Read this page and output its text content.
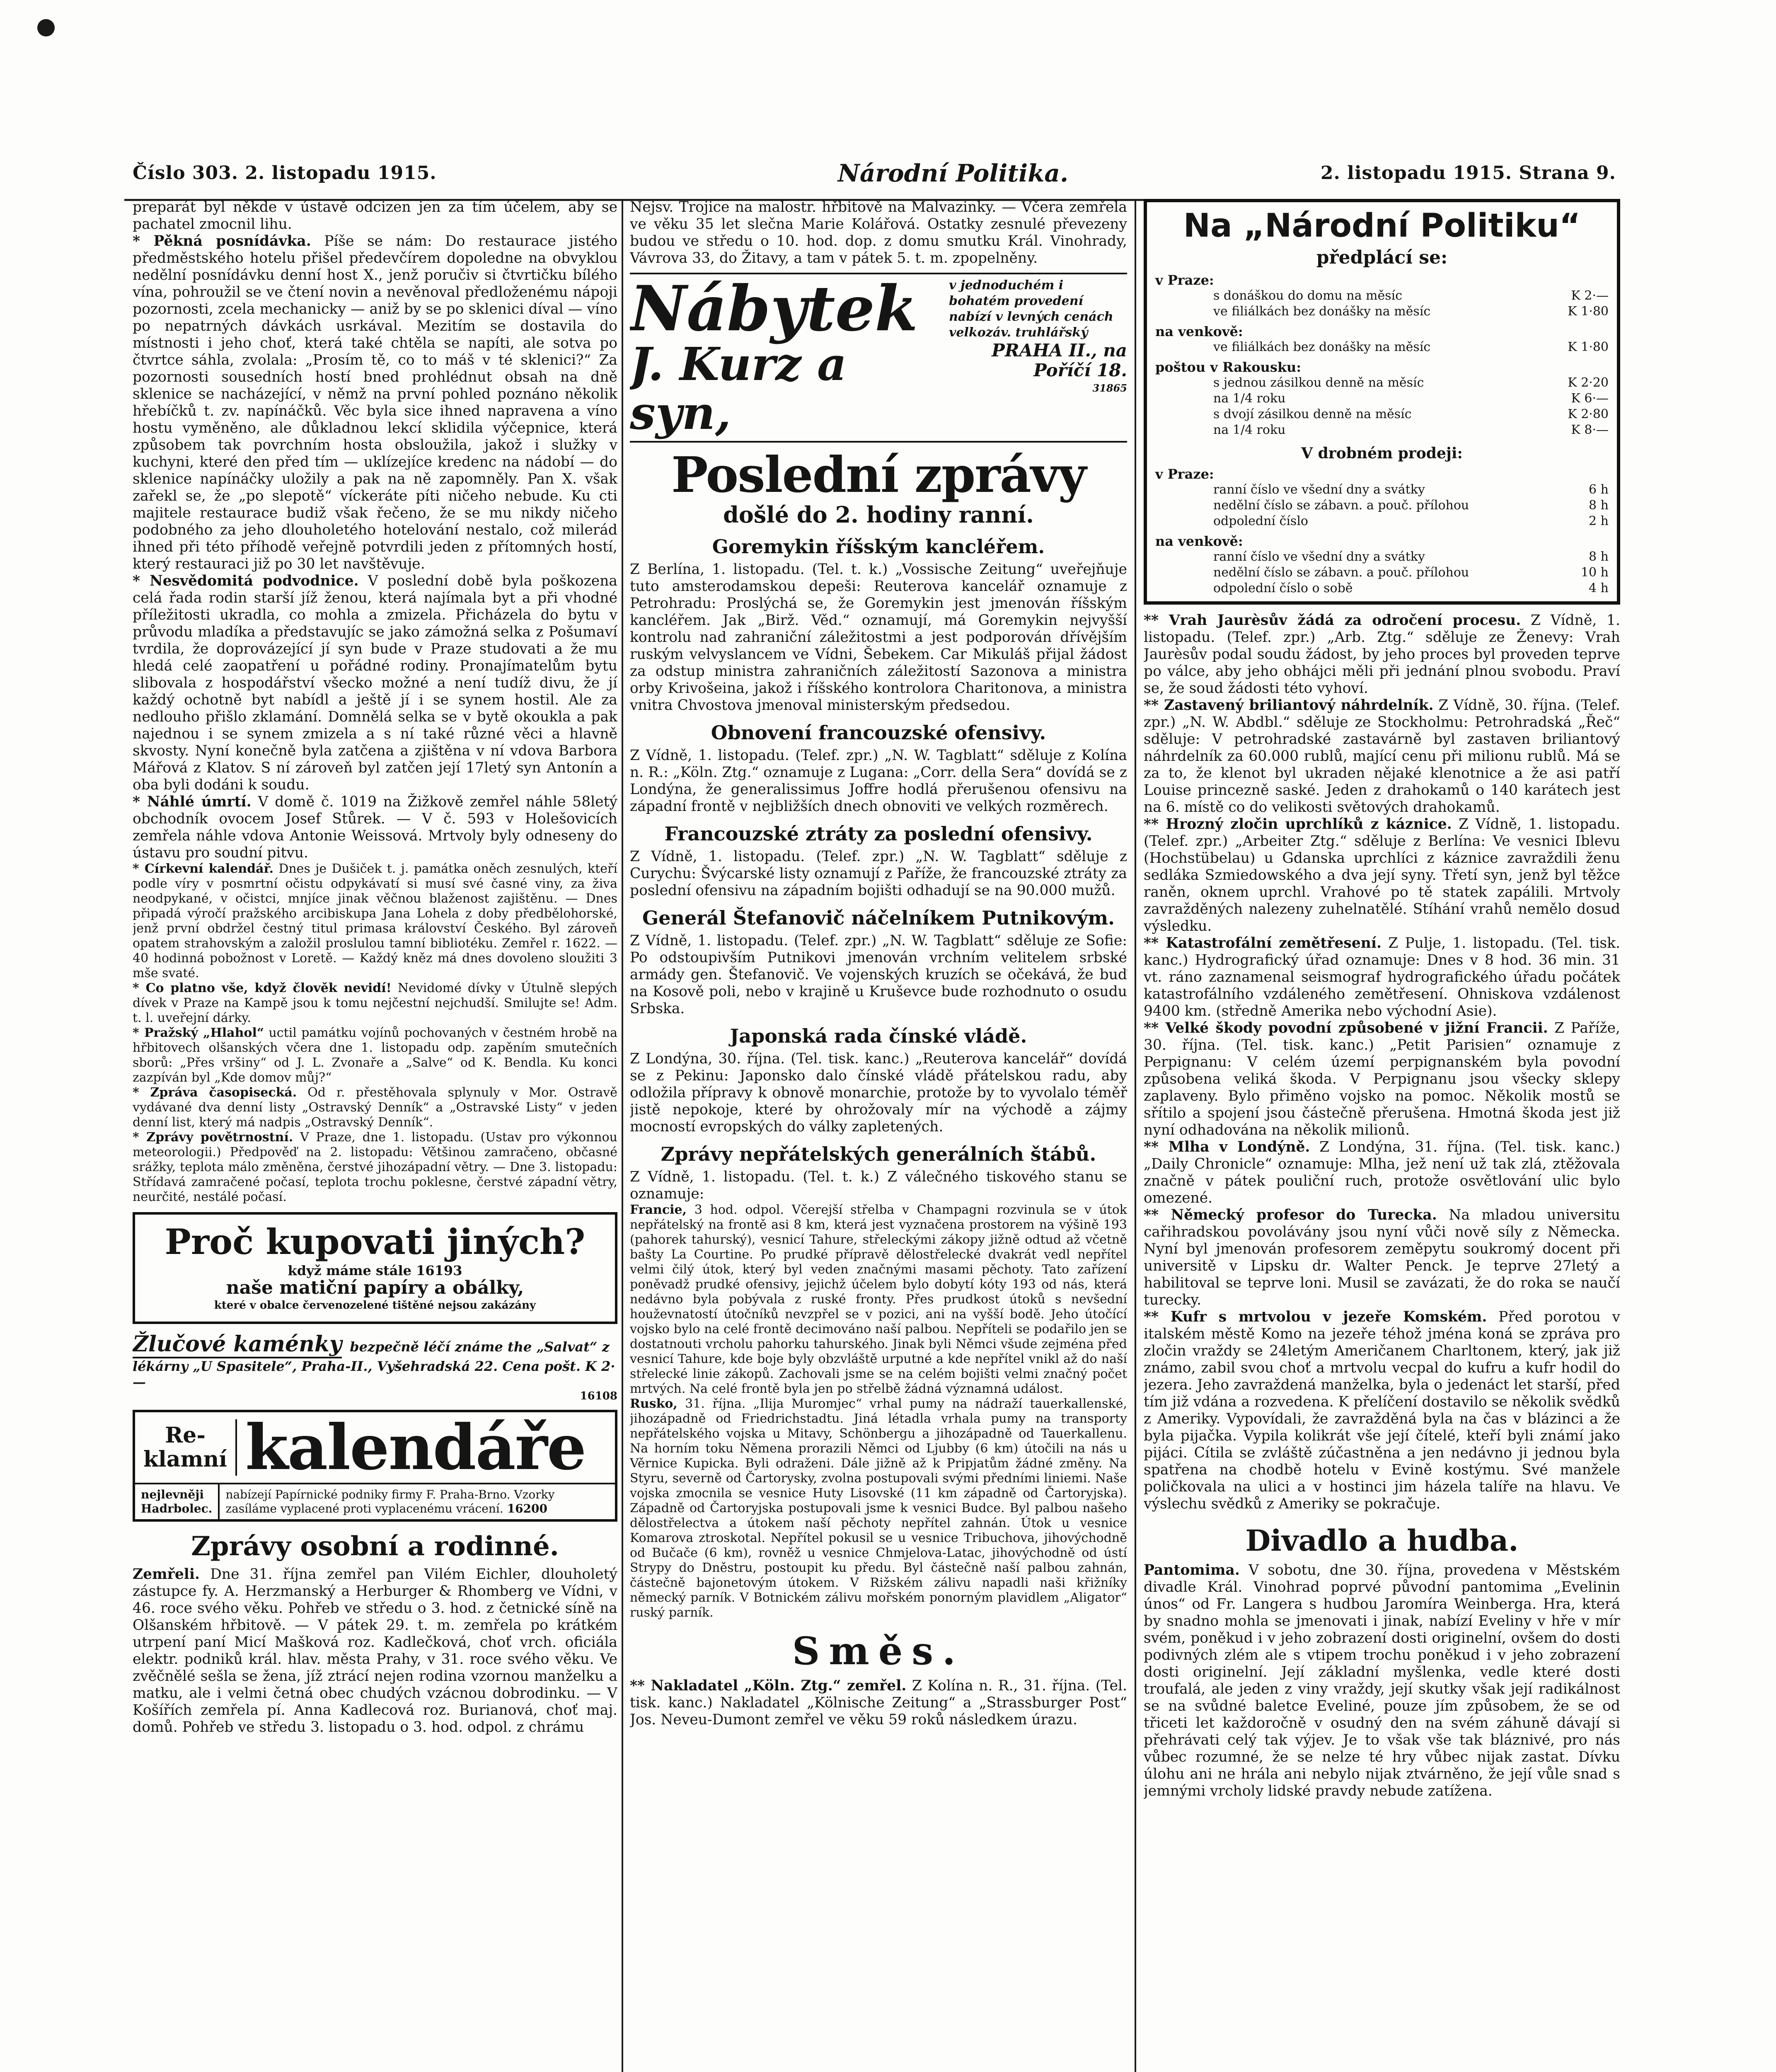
Číslo 303. 2. listopadu 1915.	Národní Politika.	2. listopadu 1915. Strana 9.

preparát byl někde v ústavě odcizen jen za tím účelem, aby se pachatel zmocnil lihu.

* Pěkná posnídávka. Píše se nám: Do restaurace jistého předměstského hotelu přišel předevčírem dopoledne na obvyklou nedělní posnídávku denní host X., jenž poručiv si čtvrtičku bílého vína, pohroužil se ve čtení novin a nevěnoval předloženému nápoji pozornosti, zcela mechanicky — aniž by se po sklenici díval — víno po nepatrných dávkách usrkával. Mezitím se dostavila do místnosti i jeho choť, která také chtěla se napíti, ale sotva po čtvrtce sáhla, zvolala: „Prosím tě, co to máš v té sklenici?“ Za pozornosti sousedních hostí bned prohlédnut obsah na dně sklenice se nacházející, v němž na první pohled poznáno několik hřebíčků t. zv. napínáčků. Věc byla sice ihned napravena a víno hostu vyměněno, ale důkladnou lekcí sklidila výčepnice, která způsobem tak povrchním hosta obsloužila, jakož i služky v kuchyni, které den před tím — uklízejíce kredenc na nádobí — do sklenice napínáčky uložily a pak na ně zapomněly. Pan X. však zařekl se, že „po slepotě“ víckeráte píti ničeho nebude. Ku cti majitele restaurace budiž však řečeno, že se mu nikdy ničeho podobného za jeho dlouholetého hotelování nestalo, což milerád ihned při této příhodě veřejně potvrdili jeden z přítomných hostí, který restauraci již po 30 let navštěvuje.

* Nesvědomitá podvodnice. V poslední době byla poškozena celá řada rodin starší jíž ženou, která najímala byt a při vhodné příležitosti ukradla, co mohla a zmizela. Přicházela do bytu v průvodu mladíka a představujíc se jako zámožná selka z Pošumaví tvrdila, že doprovázející jí syn bude v Praze studovati a že mu hledá celé zaopatření u pořádné rodiny. Pronajímatelům bytu slibovala z hospodářství všecko možné a není tudíž divu, že jí každý ochotně byt nabídl a ještě jí i se synem hostil. Ale za nedlouho přišlo zklamání. Domnělá selka se v bytě okoukla a pak najednou i se synem zmizela a s ní také různé věci a hlavně skvosty. Nyní konečně byla zatčena a zjištěna v ní vdova Barbora Mářová z Klatov. S ní zároveň byl zatčen její 17letý syn Antonín a oba byli dodáni k soudu.

* Náhlé úmrtí. V domě č. 1019 na Žižkově zemřel náhle 58letý obchodník ovocem Josef Stůrek. — V č. 593 v Holešovicích zemřela náhle vdova Antonie Weissová. Mrtvoly byly odneseny do ústavu pro soudní pitvu.

* Církevní kalendář. Dnes je Dušiček t. j. památka oněch zesnulých, kteří podle víry v posmrtní očistu odpykávatí si musí své časné viny, za živa neodpykané, v očistci, mnjíce jinak věčnou blaženost zajištěnu. — Dnes připadá výročí pražského arcibiskupa Jana Lohela z doby předbělohorské, jenž první obdržel čestný titul primasa království Českého. Byl zároveň opatem strahovským a založil proslulou tamní bibliotéku. Zemřel r. 1622. — 40 hodinná pobožnost v Loretě. — Každý kněz má dnes dovoleno sloužiti 3 mše svaté.

* Co platno vše, když člověk nevidí! Nevidomé dívky v Útulně slepých dívek v Praze na Kampě jsou k tomu nejčestní nejchudší. Smilujte se! Adm. t. l. uveřejní dárky.

* Pražský „Hlahol“ uctil památku vojínů pochovaných v čestném hrobě na hřbitovech olšanských včera dne 1. listopadu odp. zapěním smutečních sborů: „Přes vršiny“ od J. L. Zvonaře a „Salve“ od K. Bendla. Ku konci zazpíván byl „Kde domov můj?“

* Zpráva časopisecká. Od r. přestěhovala splynuly v Mor. Ostravě vydávané dva denní listy „Ostravský Denník“ a „Ostravské Listy“ v jeden denní list, který má nadpis „Ostravský Denník“.

* Zprávy povětrnostní. V Praze, dne 1. listopadu. (Ustav pro výkonnou meteorologii.) Předpověď na 2. listopadu: Většinou zamračeno, občasné srážky, teplota málo změněna, čerstvé jihozápadní větry. — Dne 3. listopadu: Střídavá zamračené počasí, teplota trochu poklesne, čerstvé západní větry, neurčité, nestálé počasí.

Proč kupovati jiných?
když máme stále 16193
naše matiční papíry a obálky,
které v obalce červenozelené tištěné nejsou zakázány
Žlučové kaménky bezpečně léčí známe the „Salvat“ z lékárny „U Spasitele“, Praha-II., Vyšehradská 22. Cena pošt. K 2·—
16108
Re-
klamní kalendáře
nejlevněji
Hadrbolec.
nabízejí Papírnické podniky firmy F. Praha-Brno. Vzorky zasíláme vyplacené proti vyplacenému vrácení. 16200
Zprávy osobní a rodinné.

Zemřeli. Dne 31. října zemřel pan Vilém Eichler, dlouholetý zástupce fy. A. Herzmanský a Herburger & Rhomberg ve Vídni, v 46. roce svého věku. Pohřeb ve středu o 3. hod. z četnické síně na Olšanském hřbitově. — V pátek 29. t. m. zemřela po krátkém utrpení paní Micí Mašková roz. Kadlečková, choť vrch. oficiála elektr. podniků král. hlav. města Prahy, v 31. roce svého věku. Ve zvěčnělé sešla se žena, jíž ztrácí nejen rodina vzornou manželku a matku, ale i velmi četná obec chudých vzácnou dobrodinku. — V Košířích zemřela pí. Anna Kadlecová roz. Burianová, choť maj. domů. Pohřeb ve středu 3. listopadu o 3. hod. odpol. z chrámu

Nejsv. Trojice na malostr. hřbitově na Malvazinky. — Včera zemřela ve věku 35 let slečna Marie Kolářová. Ostatky zesnulé převezeny budou ve středu o 10. hod. dop. z domu smutku Král. Vinohrady, Vávrova 33, do Žitavy, a tam v pátek 5. t. m. zpopelněny.

Nábytek
J. Kurz a syn,
v jednoduchém i bohatém provedení nabízí v levných cenách velkozáv. truhlářský
PRAHA II., na Poříčí 18.
31865
Poslední zprávy
došlé do 2. hodiny ranní.
Goremykin říšským kancléřem.

Z Berlína, 1. listopadu. (Tel. t. k.) „Vossische Zeitung“ uveřejňuje tuto amsterodamskou depeši: Reuterova kancelář oznamuje z Petrohradu: Proslýchá se, že Goremykin jest jmenován říšským kancléřem. Jak „Birž. Věd.“ oznamují, má Goremykin nejvyšší kontrolu nad zahraniční záležitostmi a jest podporován dřívějším ruským velvyslancem ve Vídni, Šebekem. Car Mikuláš přijal žádost za odstup ministra zahraničních záležitostí Sazonova a ministra orby Krivošeina, jakož i říšského kontrolora Charitonova, a ministra vnitra Chvostova jmenoval ministerským předsedou.

Obnovení francouzské ofensivy.

Z Vídně, 1. listopadu. (Telef. zpr.) „N. W. Tagblatt“ sděluje z Kolína n. R.: „Köln. Ztg.“ oznamuje z Lugana: „Corr. della Sera“ dovídá se z Londýna, že generalissimus Joffre hodlá přerušenou ofensivu na západní frontě v nejbližších dnech obnoviti ve velkých rozměrech.

Francouzské ztráty za poslední ofensivy.

Z Vídně, 1. listopadu. (Telef. zpr.) „N. W. Tagblatt“ sděluje z Curychu: Švýcarské listy oznamují z Paříže, že francouzské ztráty za poslední ofensivu na západním bojišti odhadují se na 90.000 mužů.

Generál Štefanovič náčelníkem Putnikovým.

Z Vídně, 1. listopadu. (Telef. zpr.) „N. W. Tagblatt“ sděluje ze Sofie: Po odstoupivším Putnikovi jmenován vrchním velitelem srbské armády gen. Štefanovič. Ve vojenských kruzích se očekává, že buď na Kosově poli, nebo v krajině u Kruševce bude rozhodnuto o osudu Srbska.

Japonská rada čínské vládě.

Z Londýna, 30. října. (Tel. tisk. kanc.) „Reuterova kancelář“ dovídá se z Pekinu: Japonsko dalo čínské vládě přátelskou radu, aby odložila přípravy k obnově monarchie, protože by to vyvolalo téměř jistě nepokoje, které by ohrožovaly mír na východě a zájmy mocností evropských do války zapletených.

Zprávy nepřátelských generálních štábů.

Z Vídně, 1. listopadu. (Tel. t. k.) Z válečného tiskového stanu se oznamuje:

Francie, 3 hod. odpol. Včerejší střelba v Champagni rozvinula se v útok nepřátelský na frontě asi 8 km, která jest vyznačena prostorem na výšině 193 (pahorek tahurský), vesnicí Tahure, střeleckými zákopy jižně odtud až včetně bašty La Courtine. Po prudké přípravě dělostřelecké dvakrát vedl nepřítel velmi čilý útok, který byl veden značnými masami pěchoty. Tato zařízení poněvadž prudké ofensivy, jejichž účelem bylo dobytí kóty 193 od nás, která nedávno byla pobývala z ruské fronty. Přes prudkost útoků s nevšední houževnatostí útočníků nevzpřel se v pozici, ani na vyšší bodě. Jeho útočící vojsko bylo na celé frontě decimováno naší palbou. Nepříteli se podařilo jen se dostatnouti vrcholu pahorku tahurského. Jinak byli Němci všude zejména před vesnicí Tahure, kde boje byly obzvláště urputné a kde nepřítel vnikl až do naší střelecké linie zákopů. Zachovali jsme se na celém bojišti velmi značný počet mrtvých. Na celé frontě byla jen po střelbě žádná významná událost.

Rusko, 31. října. „Ilija Muromjec“ vrhal pumy na nádraží tauerkallenské, jihozápadně od Friedrichstadtu. Jiná létadla vrhala pumy na transporty nepřátelského vojska u Mitavy, Schönbergu a jihozápadně od Tauerkallenu. Na horním toku Němena prorazili Němci od Ljubby (6 km) útočili na nás u Věrnice Kupicka. Byli odraženi. Dále jižně až k Pripjatům žádné změny. Na Styru, severně od Čartorysky, zvolna postupovali svými předními liniemi. Naše vojska zmocnila se vesnice Huty Lisovské (11 km západně od Čartoryjska). Západně od Čartoryjska postupovali jsme k vesnici Budce. Byl palbou našeho dělostřelectva a útokem naší pěchoty nepřítel zahnán. Útok u vesnice Komarova ztroskotal. Nepřítel pokusil se u vesnice Tribuchova, jihovýchodně od Bučače (6 km), rovněž u vesnice Chmjelova-Latac, jihovýchodně od ústí Strypy do Dněstru, postoupit ku předu. Byl částečně naší palbou zahnán, částečně bajonetovým útokem. V Rižském zálivu napadli naši křižníky německý parník. V Botnickém zálivu mořském ponorným plavidlem „Aligator“ ruský parník.

Směs.

** Nakladatel „Köln. Ztg.“ zemřel. Z Kolína n. R., 31. října. (Tel. tisk. kanc.) Nakladatel „Kölnische Zeitung“ a „Strassburger Post“ Jos. Neveu-Dumont zemřel ve věku 59 roků následkem úrazu.

Na „Národní Politiku“
předplácí se:
v Praze:
s donáškou do domu na měsíc	K 2·—
ve filiálkách bez donášky na měsíc	K 1·80
na venkově:
ve filiálkách bez donášky na měsíc	K 1·80
poštou v Rakousku:
s jednou zásilkou denně na měsíc	K 2·20
na 1/4 roku	K 6·—
s dvojí zásilkou denně na měsíc	K 2·80
na 1/4 roku	K 8·—
V drobném prodeji:
v Praze:
ranní číslo ve všední dny a svátky	6 h
nedělní číslo se zábavn. a pouč. přílohou	8 h
odpolední číslo	2 h
na venkově:
ranní číslo ve všední dny a svátky	8 h
nedělní číslo se zábavn. a pouč. přílohou	10 h
odpolední číslo o sobě	4 h

** Vrah Jaurèsův žádá za odročení procesu. Z Vídně, 1. listopadu. (Telef. zpr.) „Arb. Ztg.“ sděluje ze Ženevy: Vrah Jaurèsův podal soudu žádost, by jeho proces byl proveden teprve po válce, aby jeho obhájci měli při jednání plnou svobodu. Praví se, že soud žádosti této vyhoví.

** Zastavený briliantový náhrdelník. Z Vídně, 30. října. (Telef. zpr.) „N. W. Abdbl.“ sděluje ze Stockholmu: Petrohradská „Řeč“ sděluje: V petrohradské zastavárně byl zastaven briliantový náhrdelník za 60.000 rublů, mající cenu při milionu rublů. Má se za to, že klenot byl ukraden nějaké klenotnice a že asi patří Louise princezně saské. Jeden z drahokamů o 140 karátech jest na 6. místě co do velikosti světových drahokamů.

** Hrozný zločin uprchlíků z káznice. Z Vídně, 1. listopadu. (Telef. zpr.) „Arbeiter Ztg.“ sděluje z Berlína: Ve vesnici Iblevu (Hochstübelau) u Gdanska uprchlíci z káznice zavraždili ženu sedláka Szmiedowského a dva její syny. Třetí syn, jenž byl těžce raněn, oknem uprchl. Vrahové po tě statek zapálili. Mrtvoly zavražděných nalezeny zuhelnatělé. Stíhání vrahů nemělo dosud výsledku.

** Katastrofální zemětřesení. Z Pulje, 1. listopadu. (Tel. tisk. kanc.) Hydrografický úřad oznamuje: Dnes v 8 hod. 36 min. 31 vt. ráno zaznamenal seismograf hydrografického úřadu počátek katastrofálního vzdáleného zemětřesení. Ohniskova vzdálenost 9400 km. (středně Amerika nebo východní Asie).

** Velké škody povodní způsobené v jižní Francii. Z Paříže, 30. října. (Tel. tisk. kanc.) „Petit Parisien“ oznamuje z Perpignanu: V celém území perpignanském byla povodní způsobena veliká škoda. V Perpignanu jsou všecky sklepy zaplaveny. Bylo přiměno vojsko na pomoc. Několik mostů se sřítilo a spojení jsou částečně přerušena. Hmotná škoda jest již nyní odhadována na několik milionů.

** Mlha v Londýně. Z Londýna, 31. října. (Tel. tisk. kanc.) „Daily Chronicle“ oznamuje: Mlha, jež není už tak zlá, ztěžovala značně v pátek pouliční ruch, protože osvětlování ulic bylo omezené.

** Německý profesor do Turecka. Na mladou universitu cařihradskou povolávány jsou nyní vůči nově síly z Německa. Nyní byl jmenován profesorem zeměpytu soukromý docent při universitě v Lipsku dr. Walter Penck. Je teprve 27letý a habilitoval se teprve loni. Musil se zavázati, že do roka se naučí turecky.

** Kufr s mrtvolou v jezeře Komském. Před porotou v italském městě Komo na jezeře téhož jména koná se zpráva pro zločin vraždy se 24letým Američanem Charltonem, který, jak již známo, zabil svou choť a mrtvolu vecpal do kufru a kufr hodil do jezera. Jeho zavraždená manželka, byla o jedenáct let starší, před tím již vdána a rozvedena. K přelíčení dostavilo se několik svědků z Ameriky. Vypovídali, že zavražděná byla na čas v blázinci a že byla pijačka. Vypila kolikrát vše její čítelé, kteří byli známí jako pijáci. Cítila se zvláště zúčastněna a jen nedávno ji jednou byla spatřena na chodbě hotelu v Evině kostýmu. Své manžele poličkovala na ulici a v hostinci jim házela talíře na hlavu. Ve výslechu svědků z Ameriky se pokračuje.

Divadlo a hudba.

Pantomima. V sobotu, dne 30. října, provedena v Městském divadle Král. Vinohrad poprvé původní pantomima „Evelinin únos“ od Fr. Langera s hudbou Jaromíra Weinberga. Hra, která by snadno mohla se jmenovati i jinak, nabízí Eveliny v hře v mír svém, poněkud i v jeho zobrazení dosti originelní, ovšem do dosti podivných zlém ale s vtipem trochu poněkud i v jeho zobrazení dosti originelní. Její základní myšlenka, vedle které dosti troufalá, ale jeden z viny vraždy, její skutky však její radikálnost se na svůdné baletce Eveliné, pouze jím způsobem, že se od třiceti let každoročně v osudný den na svém záhuně dávají si přehrávati celý tak výjev. Je to však vše tak bláznivé, pro nás vůbec rozumné, že se nelze té hry vůbec nijak zastat. Dívku úlohu ani ne hrála ani nebylo nijak ztvárněno, že její vůle snad s jemnými vrcholy lidské pravdy nebude zatížena.
